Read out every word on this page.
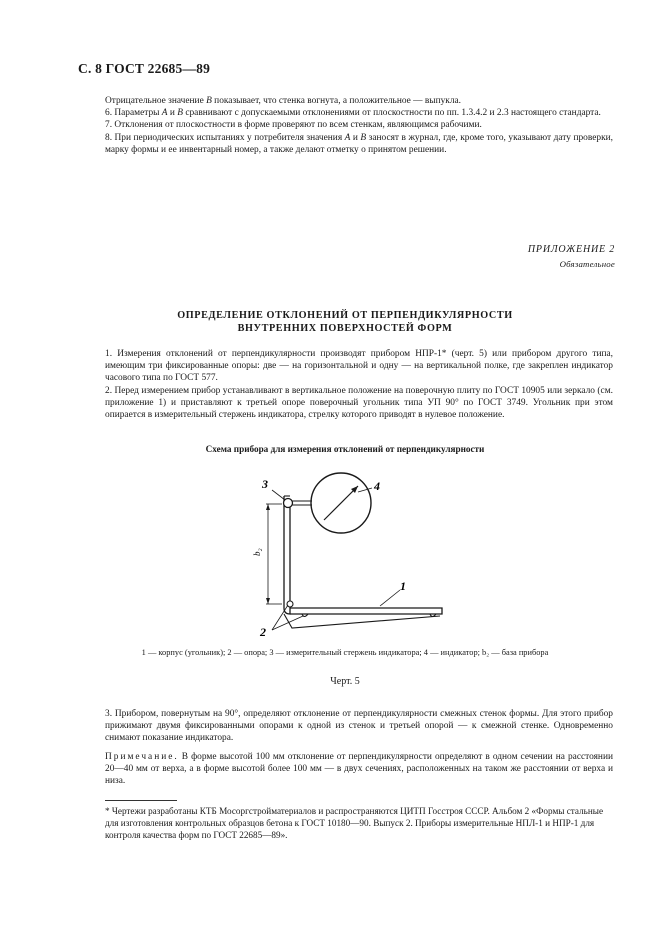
С. 8 ГОСТ 22685—89

Отрицательное значение В показывает, что стенка вогнута, а положительное — выпукла.

6. Параметры А и В сравнивают с допускаемыми отклонениями от плоскостности по пп. 1.3.4.2 и 2.3 настоящего стандарта.

7. Отклонения от плоскостности в форме проверяют по всем стенкам, являющимся рабочими.

8. При периодических испытаниях у потребителя значения А и В заносят в журнал, где, кроме того, указывают дату проверки, марку формы и ее инвентарный номер, а также делают отметку о принятом решении.

ПРИЛОЖЕНИЕ 2
Обязательное
ОПРЕДЕЛЕНИЕ ОТКЛОНЕНИЙ ОТ ПЕРПЕНДИКУЛЯРНОСТИ
ВНУТРЕННИХ ПОВЕРХНОСТЕЙ ФОРМ

1. Измерения отклонений от перпендикулярности производят прибором НПР-1* (черт. 5) или прибором другого типа, имеющим три фиксированные опоры: две — на горизонтальной и одну — на вертикальной полке, где закреплен индикатор часового типа по ГОСТ 577.

2. Перед измерением прибор устанавливают в вертикальное положение на поверочную плиту по ГОСТ 10905 или зеркало (см. приложение 1) и приставляют к третьей опоре поверочный угольник типа УП 90° по ГОСТ 3749. Угольник при этом опирается в измерительный стержень индикатора, стрелку которого приводят в нулевое положение.

Схема прибора для измерения отклонений от перпендикулярности
b₂
3	4
1
2
1 — корпус (угольник); 2 — опора; 3 — измерительный стержень индикатора; 4 — индикатор; b₂ — база прибора
Черт. 5

3. Прибором, повернутым на 90°, определяют отклонение от перпендикулярности смежных стенок формы. Для этого прибор прижимают двумя фиксированными опорами к одной из стенок и третьей опорой — к смежной стенке. Одновременно снимают показание индикатора.

Примечание. В форме высотой 100 мм отклонение от перпендикулярности определяют в одном сечении на расстоянии 20—40 мм от верха, а в форме высотой более 100 мм — в двух сечениях, расположенных на таком же расстоянии от верха и низа.

* Чертежи разработаны КТБ Мосоргстройматериалов и распространяются ЦИТП Госстроя СССР. Альбом 2 «Формы стальные для изготовления контрольных образцов бетона к ГОСТ 10180—90. Выпуск 2. Приборы измерительные НПЛ-1 и НПР-1 для контроля качества форм по ГОСТ 22685—89».
